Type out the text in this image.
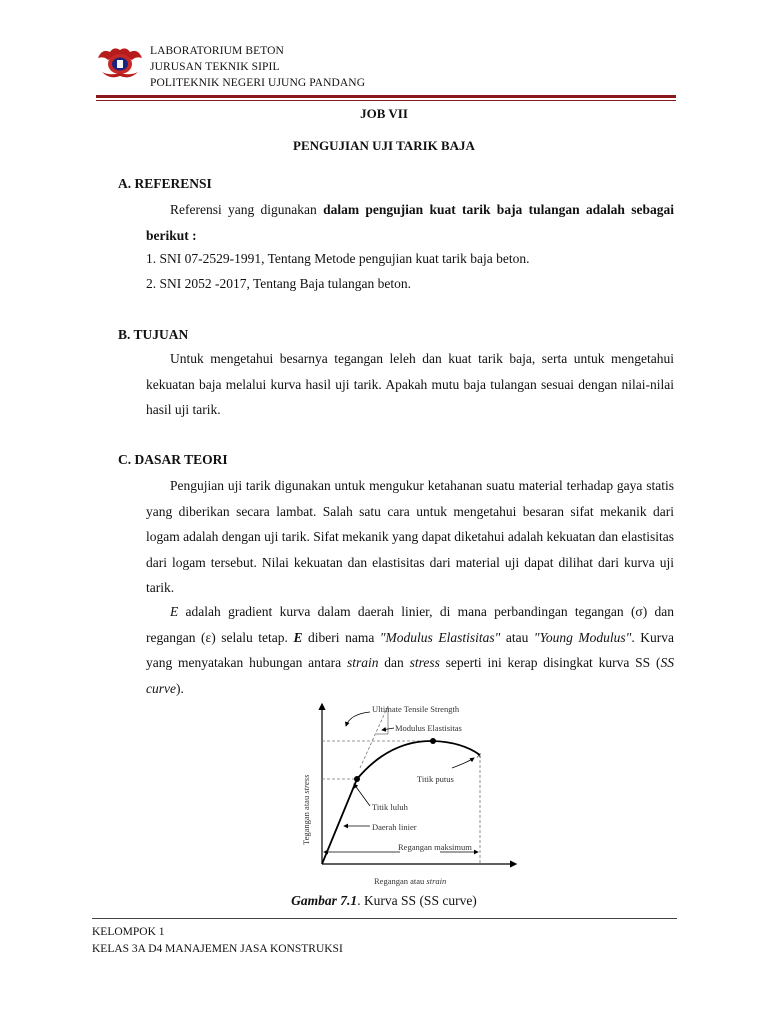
LABORATORIUM BETON
JURUSAN TEKNIK SIPIL
POLITEKNIK NEGERI UJUNG PANDANG
JOB VII
PENGUJIAN UJI TARIK BAJA
A. REFERENSI
Referensi yang digunakan dalam pengujian kuat tarik baja tulangan adalah sebagai berikut :
1. SNI 07-2529-1991, Tentang Metode pengujian kuat tarik baja beton.
2. SNI 2052 -2017, Tentang Baja tulangan beton.
B. TUJUAN
Untuk mengetahui besarnya tegangan leleh dan kuat tarik baja, serta untuk mengetahui kekuatan baja melalui kurva hasil uji tarik. Apakah mutu baja tulangan sesuai dengan nilai-nilai hasil uji tarik.
C. DASAR TEORI
Pengujian uji tarik digunakan untuk mengukur ketahanan suatu material terhadap gaya statis yang diberikan secara lambat. Salah satu cara untuk mengetahui besaran sifat mekanik dari logam adalah dengan uji tarik. Sifat mekanik yang dapat diketahui adalah kekuatan dan elastisitas dari logam tersebut. Nilai kekuatan dan elastisitas dari material uji dapat dilihat dari kurva uji tarik.
E adalah gradient kurva dalam daerah linier, di mana perbandingan tegangan (σ) dan regangan (ε) selalu tetap. E diberi nama "Modulus Elastisitas" atau "Young Modulus". Kurva yang menyatakan hubungan antara strain dan stress seperti ini kerap disingkat kurva SS (SS curve).
×
Ultimate Tensile Strength
Modulus Elastisitas
Titik putus
Titik luluh
Daerah linier
Regangan maksimum
Tegangan atau stress
Regangan atau strain
Gambar 7.1. Kurva SS (SS curve)
KELOMPOK 1
KELAS 3A D4 MANAJEMEN JASA KONSTRUKSI
